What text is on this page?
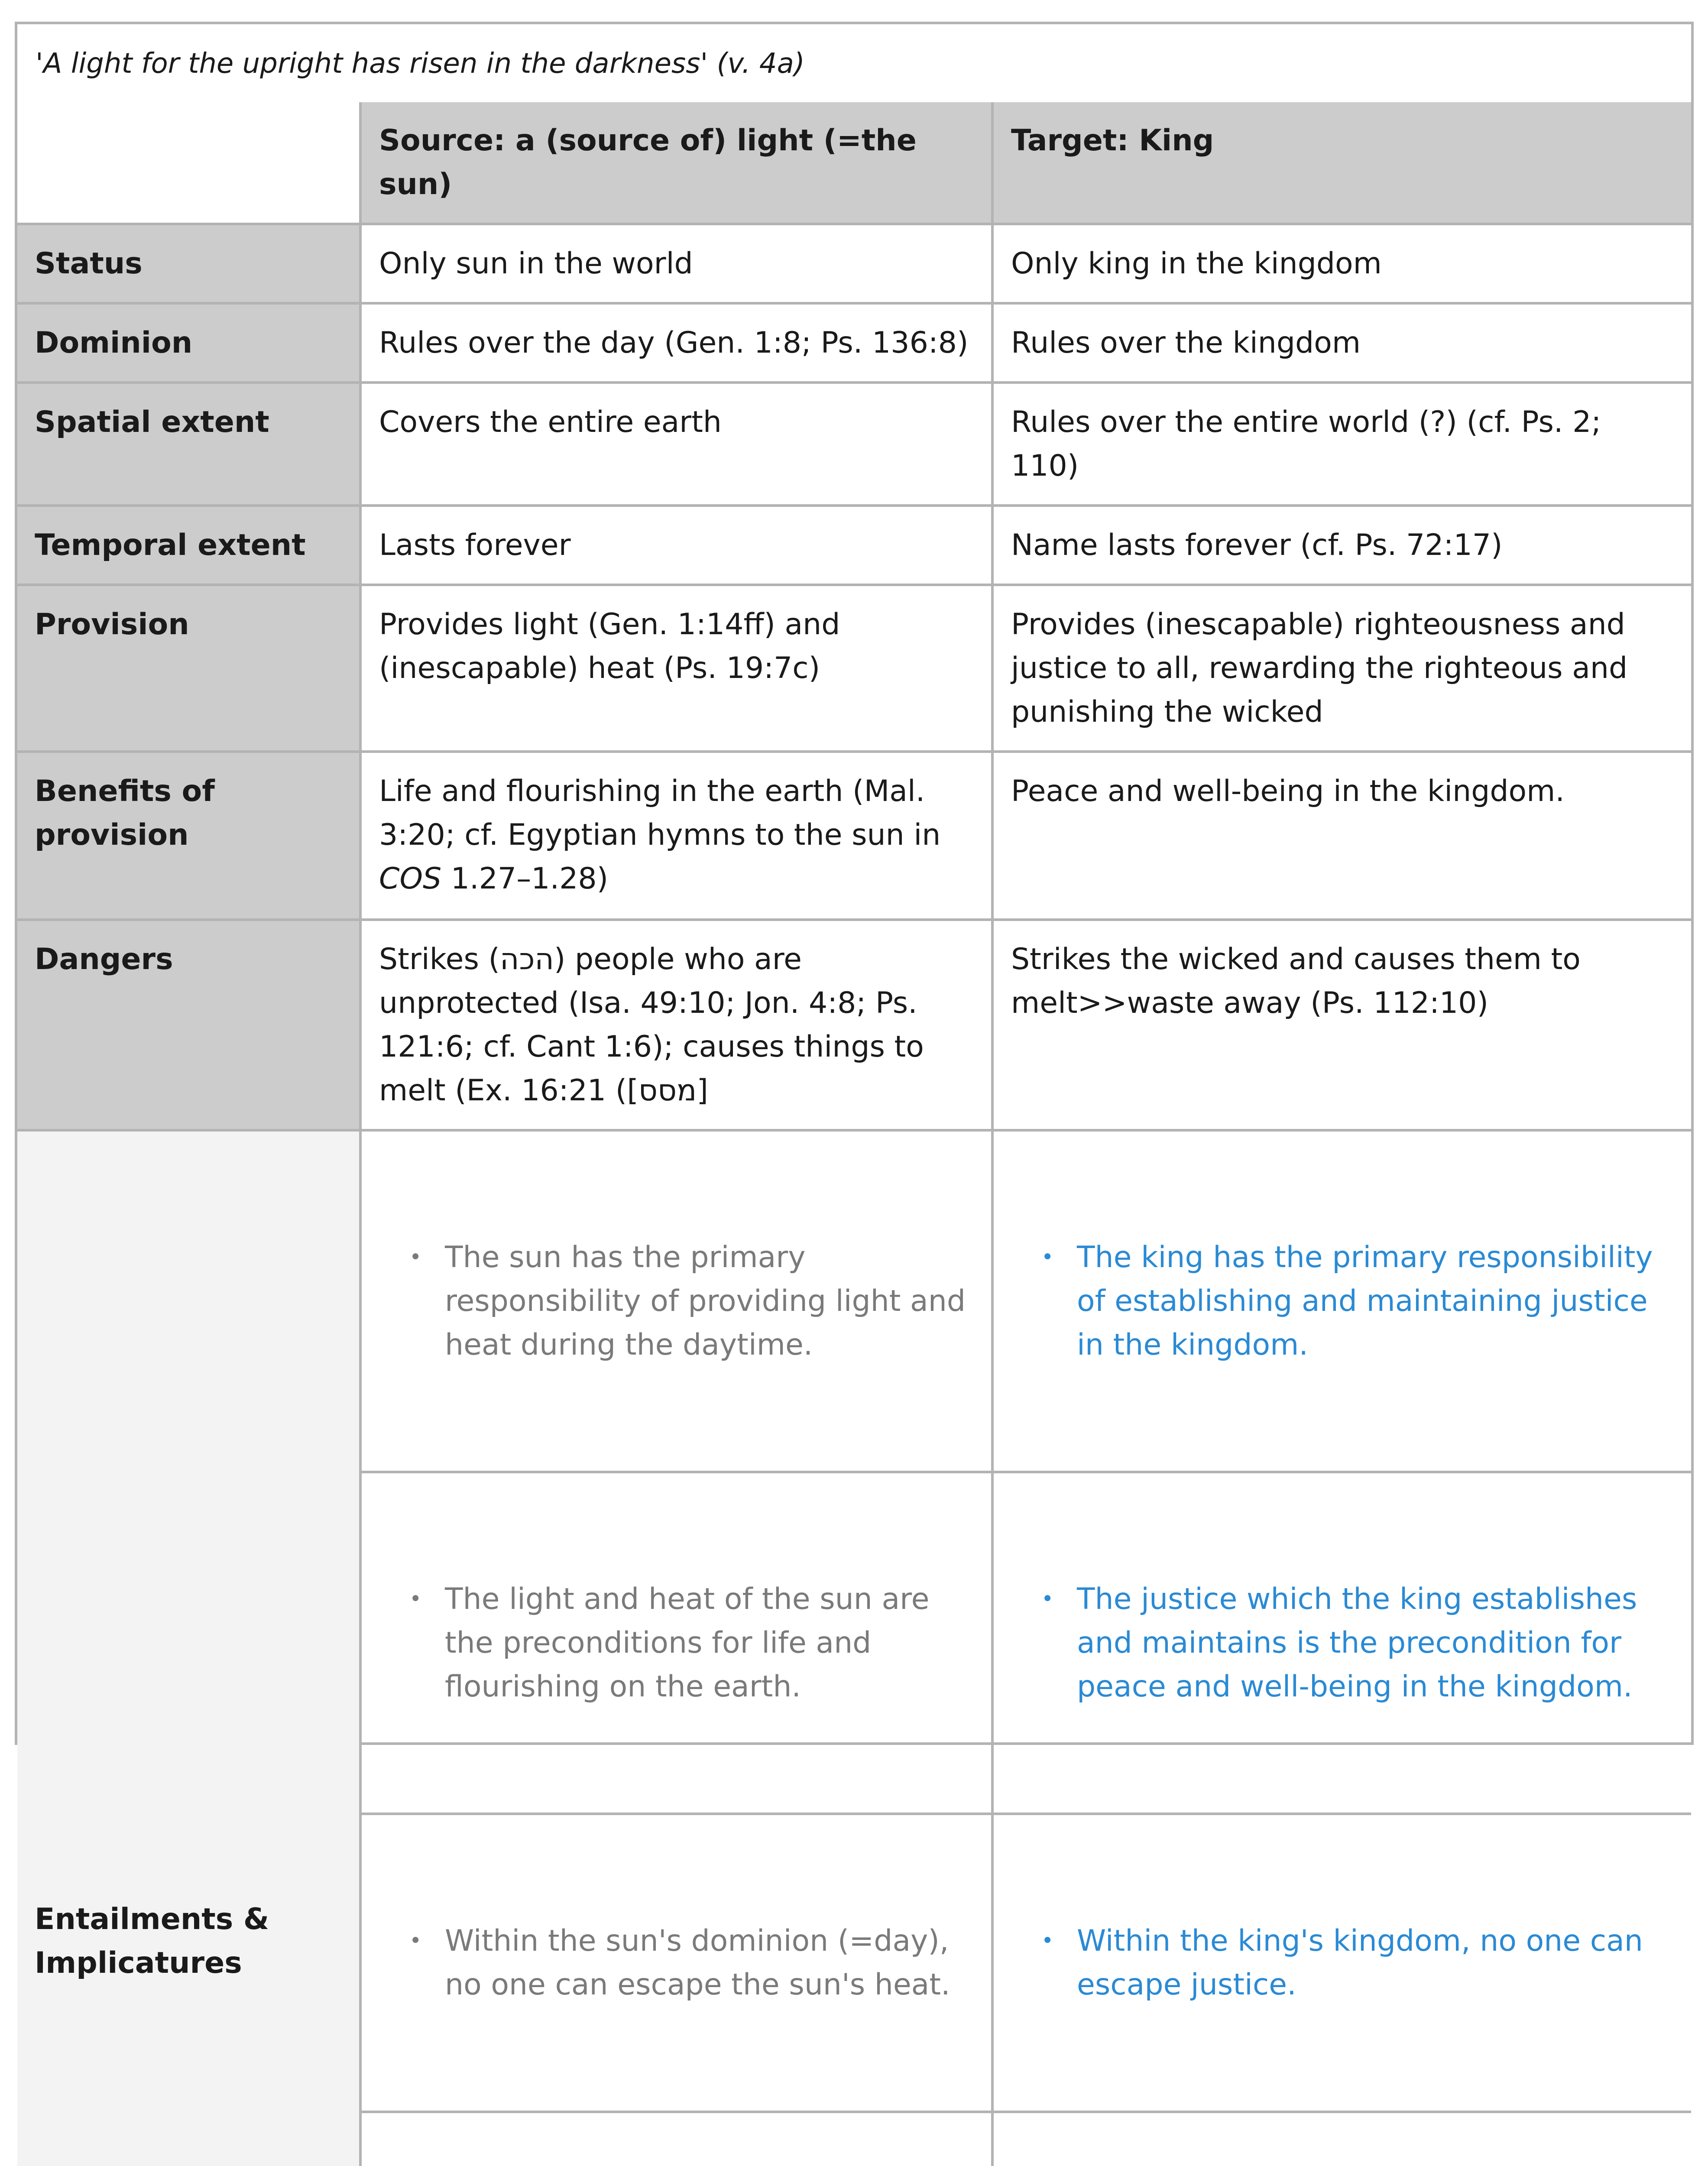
'A light for the upright has risen in the darkness' (v. 4a)
	Source: a (source of) light (=the sun)	Target: King
Status	Only sun in the world	Only king in the kingdom
Dominion	Rules over the day (Gen. 1:8; Ps. 136:8)	Rules over the kingdom
Spatial extent	Covers the entire earth	Rules over the entire world (?) (cf. Ps. 2; 110)
Temporal extent	Lasts forever	Name lasts forever (cf. Ps. 72:17)
Provision	Provides light (Gen. 1:14ff) and (inescapable) heat (Ps. 19:7c)	Provides (inescapable) righteousness and justice to all, rewarding the righteous and punishing the wicked
Benefits of provision	Life and flourishing in the earth (Mal. 3:20; cf. Egyptian hymns to the sun in COS 1.27–1.28)	Peace and well-being in the kingdom.
Dangers	Strikes (הכה) people who are unprotected (Isa. 49:10; Jon. 4:8; Ps. 121:6; cf. Cant 1:6); causes things to melt (Ex. 16:21 ([מסס]	Strikes the wicked and causes them to melt>>waste away (Ps. 112:10)
Entailments & Implicatures	• The sun has the primary responsibility of providing light and heat during the daytime.	• The king has the primary responsibility of establishing and maintaining justice in the kingdom.

	• The light and heat of the sun are the preconditions for life and flourishing on the earth.	• The justice which the king establishes and maintains is the precondition for peace and well-being in the kingdom.

	• Within the sun's dominion (=day), no one can escape the sun's heat.	• Within the king's kingdom, no one can escape justice.
